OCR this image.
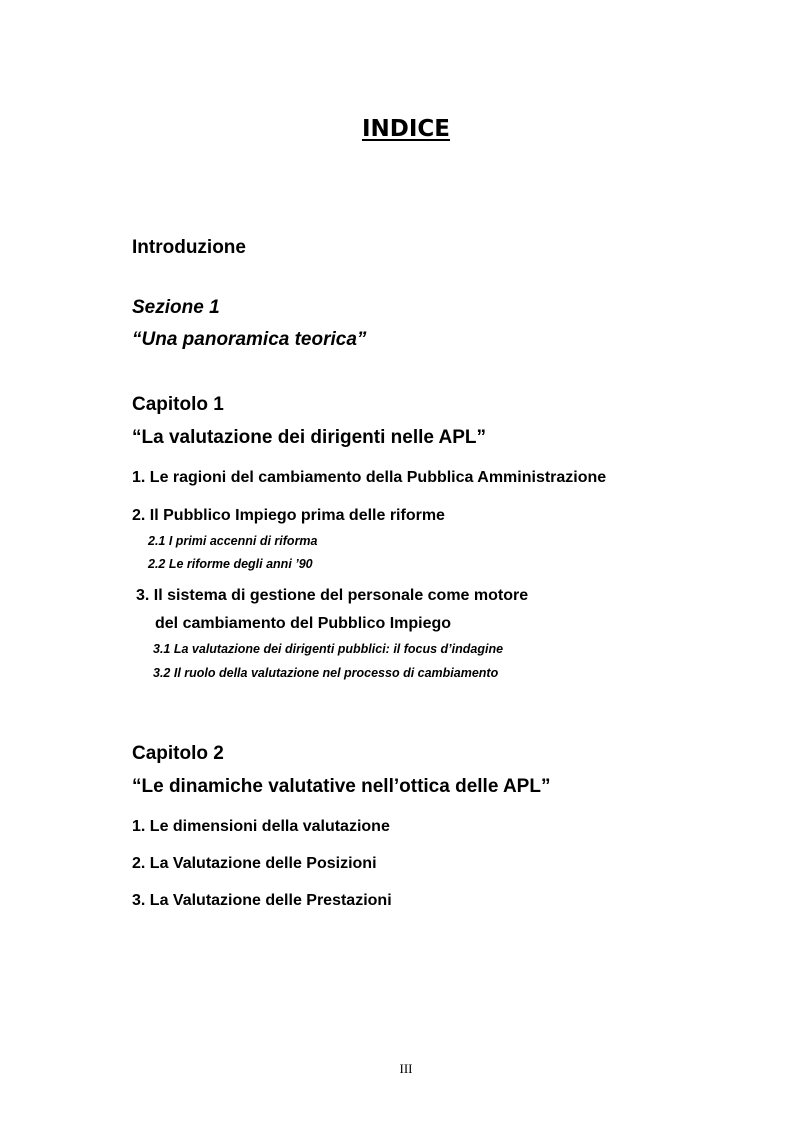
INDICE
Introduzione
Sezione 1
“Una panoramica teorica”
Capitolo 1
“La valutazione dei dirigenti nelle APL”
1. Le ragioni del cambiamento della Pubblica Amministrazione
2. Il Pubblico Impiego prima delle riforme
2.1 I primi accenni di riforma
2.2 Le riforme degli anni ’90
3. Il sistema di gestione del personale come motore
del cambiamento del Pubblico Impiego
3.1 La valutazione dei dirigenti pubblici: il focus d’indagine
3.2 Il ruolo della valutazione nel processo di cambiamento
Capitolo 2
“Le dinamiche valutative nell’ottica delle APL”
1. Le dimensioni della valutazione
2. La Valutazione delle Posizioni
3. La Valutazione delle Prestazioni
III
